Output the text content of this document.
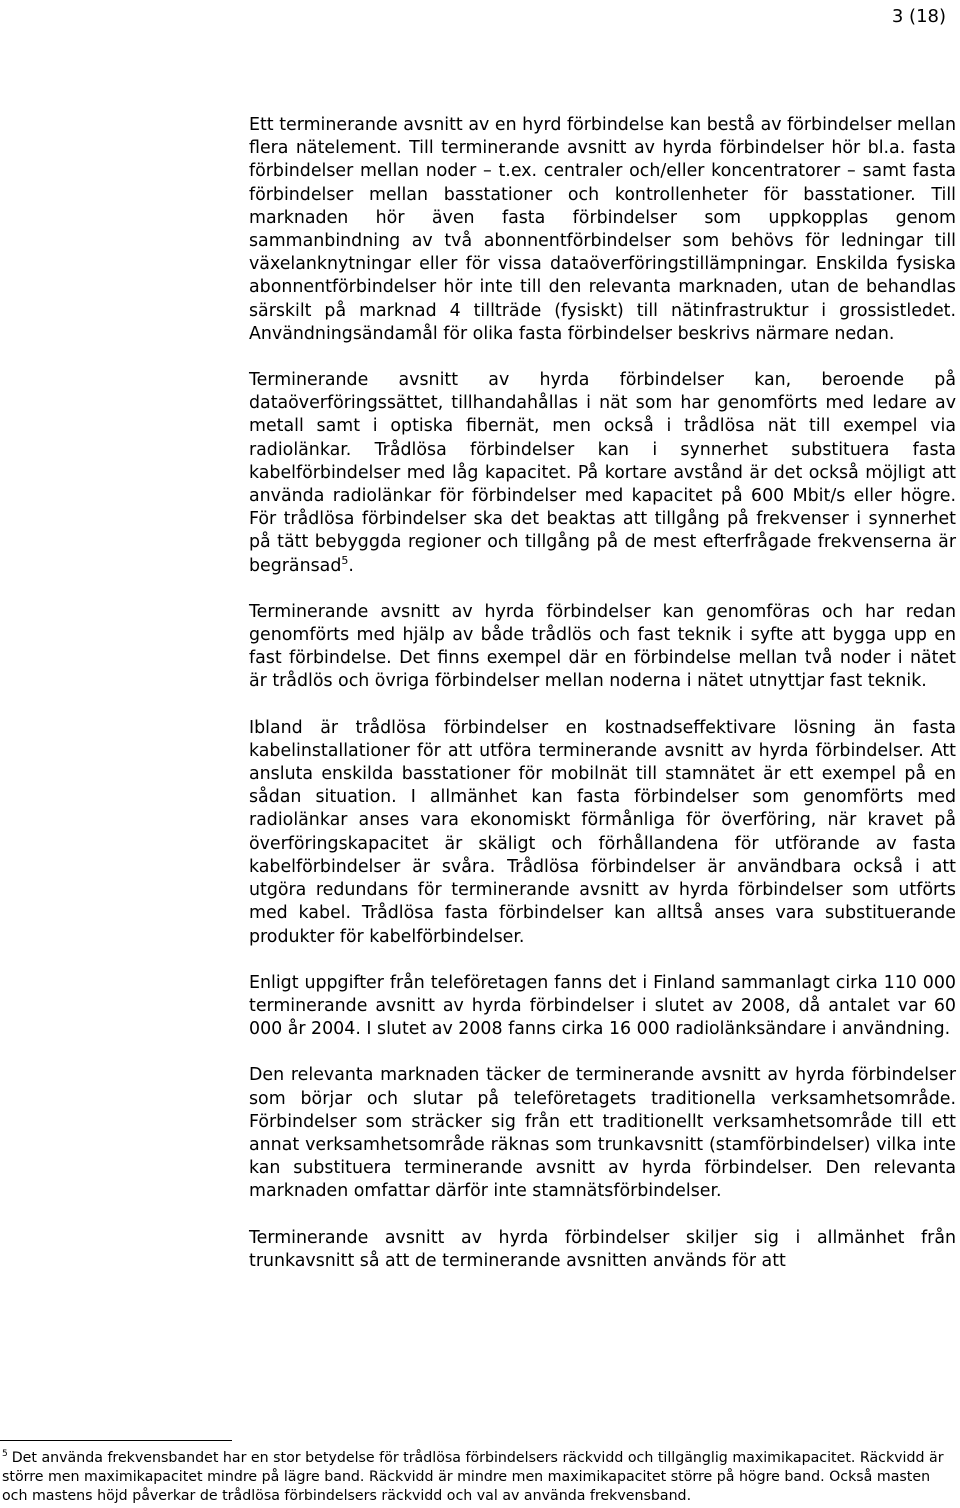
3 (18)

Ett terminerande avsnitt av en hyrd förbindelse kan bestå av förbindelser mellan flera nätelement. Till terminerande avsnitt av hyrda förbindelser hör bl.a. fasta förbindelser mellan noder – t.ex. centraler och/eller koncentratorer – samt fasta förbindelser mellan basstationer och kontrollenheter för basstationer. Till marknaden hör även fasta förbindelser som uppkopplas genom sammanbindning av två abonnentförbindelser som behövs för ledningar till växelanknytningar eller för vissa dataöverföringstillämpningar. Enskilda fysiska abonnentförbindelser hör inte till den relevanta marknaden, utan de behandlas särskilt på marknad 4 tillträde (fysiskt) till nätinfrastruktur i grossistledet. Användningsändamål för olika fasta förbindelser beskrivs närmare nedan.

Terminerande avsnitt av hyrda förbindelser kan, beroende på dataöverföringssättet, tillhandahållas i nät som har genomförts med ledare av metall samt i optiska fibernät, men också i trådlösa nät till exempel via radiolänkar. Trådlösa förbindelser kan i synnerhet substituera fasta kabelförbindelser med låg kapacitet. På kortare avstånd är det också möjligt att använda radiolänkar för förbindelser med kapacitet på 600 Mbit/s eller högre. För trådlösa förbindelser ska det beaktas att tillgång på frekvenser i synnerhet på tätt bebyggda regioner och tillgång på de mest efterfrågade frekvenserna är begränsad$^5$.

Terminerande avsnitt av hyrda förbindelser kan genomföras och har redan genomförts med hjälp av både trådlös och fast teknik i syfte att bygga upp en fast förbindelse. Det finns exempel där en förbindelse mellan två noder i nätet är trådlös och övriga förbindelser mellan noderna i nätet utnyttjar fast teknik.

Ibland är trådlösa förbindelser en kostnadseffektivare lösning än fasta kabelinstallationer för att utföra terminerande avsnitt av hyrda förbindelser. Att ansluta enskilda basstationer för mobilnät till stamnätet är ett exempel på en sådan situation. I allmänhet kan fasta förbindelser som genomförts med radiolänkar anses vara ekonomiskt förmånliga för överföring, när kravet på överföringskapacitet är skäligt och förhållandena för utförande av fasta kabelförbindelser är svåra. Trådlösa förbindelser är användbara också i att utgöra redundans för terminerande avsnitt av hyrda förbindelser som utförts med kabel. Trådlösa fasta förbindelser kan alltså anses vara substituerande produkter för kabelförbindelser.

Enligt uppgifter från teleföretagen fanns det i Finland sammanlagt cirka 110 000 terminerande avsnitt av hyrda förbindelser i slutet av 2008, då antalet var 60 000 år 2004. I slutet av 2008 fanns cirka 16 000 radiolänksändare i användning.

Den relevanta marknaden täcker de terminerande avsnitt av hyrda förbindelser som börjar och slutar på teleföretagets traditionella verksamhetsområde. Förbindelser som sträcker sig från ett traditionellt verksamhetsområde till ett annat verksamhetsområde räknas som trunkavsnitt (stamförbindelser) vilka inte kan substituera terminerande avsnitt av hyrda förbindelser. Den relevanta marknaden omfattar därför inte stamnätsförbindelser.

Terminerande avsnitt av hyrda förbindelser skiljer sig i allmänhet från trunkavsnitt så att de terminerande avsnitten används för att

$^5$ Det använda frekvensbandet har en stor betydelse för trådlösa förbindelsers räckvidd och tillgänglig maximikapacitet. Räckvidd är större men maximikapacitet mindre på lägre band. Räckvidd är mindre men maximikapacitet större på högre band. Också masten och mastens höjd påverkar de trådlösa förbindelsers räckvidd och val av använda frekvensband.
